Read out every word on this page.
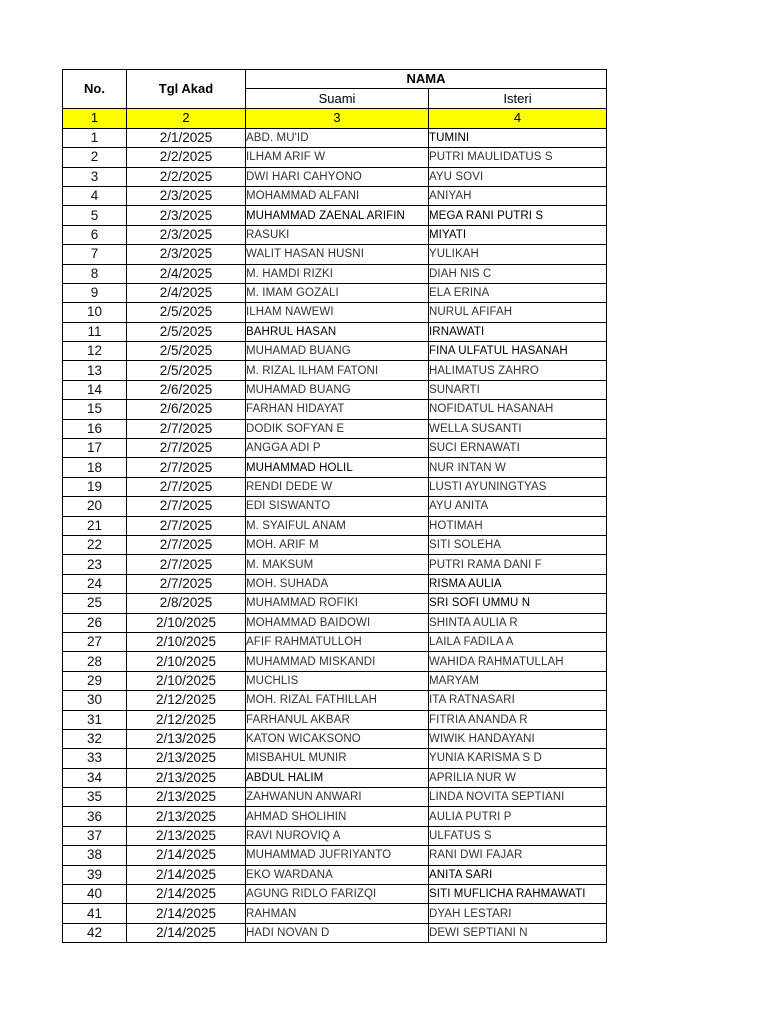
No.	Tgl Akad	NAMA	
		Suami	Isteri
1	2	3	4
1	2/1/2025	ABD. MU'ID	TUMINI
2	2/2/2025	ILHAM ARIF W	PUTRI MAULIDATUS S
3	2/2/2025	DWI HARI CAHYONO	AYU SOVI
4	2/3/2025	MOHAMMAD ALFANI	ANIYAH
5	2/3/2025	MUHAMMAD ZAENAL ARIFIN	MEGA RANI PUTRI S
6	2/3/2025	RASUKI	MIYATI
7	2/3/2025	WALIT HASAN HUSNI	YULIKAH
8	2/4/2025	M. HAMDI RIZKI	DIAH NIS C
9	2/4/2025	M. IMAM GOZALI	ELA ERINA
10	2/5/2025	ILHAM NAWEWI	NURUL AFIFAH
11	2/5/2025	BAHRUL HASAN	IRNAWATI
12	2/5/2025	MUHAMAD BUANG	FINA ULFATUL HASANAH
13	2/5/2025	M. RIZAL ILHAM FATONI	HALIMATUS ZAHRO
14	2/6/2025	MUHAMAD BUANG	SUNARTI
15	2/6/2025	FARHAN HIDAYAT	NOFIDATUL HASANAH
16	2/7/2025	DODIK SOFYAN E	WELLA SUSANTI
17	2/7/2025	ANGGA ADI P	SUCI ERNAWATI
18	2/7/2025	MUHAMMAD HOLIL	NUR INTAN W
19	2/7/2025	RENDI DEDE W	LUSTI AYUNINGTYAS
20	2/7/2025	EDI SISWANTO	AYU ANITA
21	2/7/2025	M. SYAIFUL ANAM	HOTIMAH
22	2/7/2025	MOH. ARIF M	SITI SOLEHA
23	2/7/2025	M. MAKSUM	PUTRI RAMA DANI F
24	2/7/2025	MOH. SUHADA	RISMA AULIA
25	2/8/2025	MUHAMMAD ROFIKI	SRI SOFI UMMU N
26	2/10/2025	MOHAMMAD BAIDOWI	SHINTA AULIA R
27	2/10/2025	AFIF RAHMATULLOH	LAILA FADILA A
28	2/10/2025	MUHAMMAD MISKANDI	WAHIDA RAHMATULLAH
29	2/10/2025	MUCHLIS	MARYAM
30	2/12/2025	MOH. RIZAL FATHILLAH	ITA RATNASARI
31	2/12/2025	FARHANUL AKBAR	FITRIA ANANDA R
32	2/13/2025	KATON WICAKSONO	WIWIK HANDAYANI
33	2/13/2025	MISBAHUL MUNIR	YUNIA KARISMA S D
34	2/13/2025	ABDUL HALIM	APRILIA NUR W
35	2/13/2025	ZAHWANUN ANWARI	LINDA NOVITA SEPTIANI
36	2/13/2025	AHMAD SHOLIHIN	AULIA PUTRI P
37	2/13/2025	RAVI NUROVIQ A	ULFATUS S
38	2/14/2025	MUHAMMAD JUFRIYANTO	RANI DWI FAJAR
39	2/14/2025	EKO WARDANA	ANITA SARI
40	2/14/2025	AGUNG RIDLO FARIZQI	SITI MUFLICHA RAHMAWATI
41	2/14/2025	RAHMAN	DYAH LESTARI
42	2/14/2025	HADI NOVAN D	DEWI SEPTIANI N
